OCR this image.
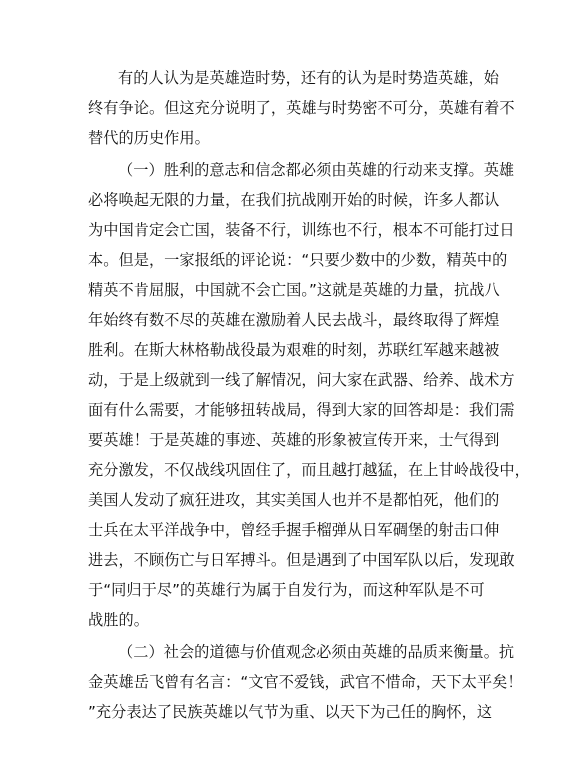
有的人认为是英雄造时势，还有的认为是时势造英雄，始
终有争论。但这充分说明了，英雄与时势密不可分，英雄有着不
替代的历史作用。
（一）胜利的意志和信念都必须由英雄的行动来支撑。英雄
必将唤起无限的力量，在我们抗战刚开始的时候，许多人都认
为中国肯定会亡国，装备不行，训练也不行，根本不可能打过日
本。但是，一家报纸的评论说：“只要少数中的少数，精英中的
精英不肯屈服，中国就不会亡国。”这就是英雄的力量，抗战八
年始终有数不尽的英雄在激励着人民去战斗，最终取得了辉煌
胜利。在斯大林格勒战役最为艰难的时刻，苏联红军越来越被
动，于是上级就到一线了解情况，问大家在武器、给养、战术方
面有什么需要，才能够扭转战局，得到大家的回答却是：我们需
要英雄！于是英雄的事迹、英雄的形象被宣传开来，士气得到
充分激发，不仅战线巩固住了，而且越打越猛，在上甘岭战役中，
美国人发动了疯狂进攻，其实美国人也并不是都怕死，他们的
士兵在太平洋战争中，曾经手握手榴弹从日军碉堡的射击口伸
进去，不顾伤亡与日军搏斗。但是遇到了中国军队以后，发现敢
于“同归于尽”的英雄行为属于自发行为，而这种军队是不可
战胜的。
（二）社会的道德与价值观念必须由英雄的品质来衡量。抗
金英雄岳飞曾有名言：“文官不爱钱，武官不惜命，天下太平矣！
”充分表达了民族英雄以气节为重、以天下为己任的胸怀，这
